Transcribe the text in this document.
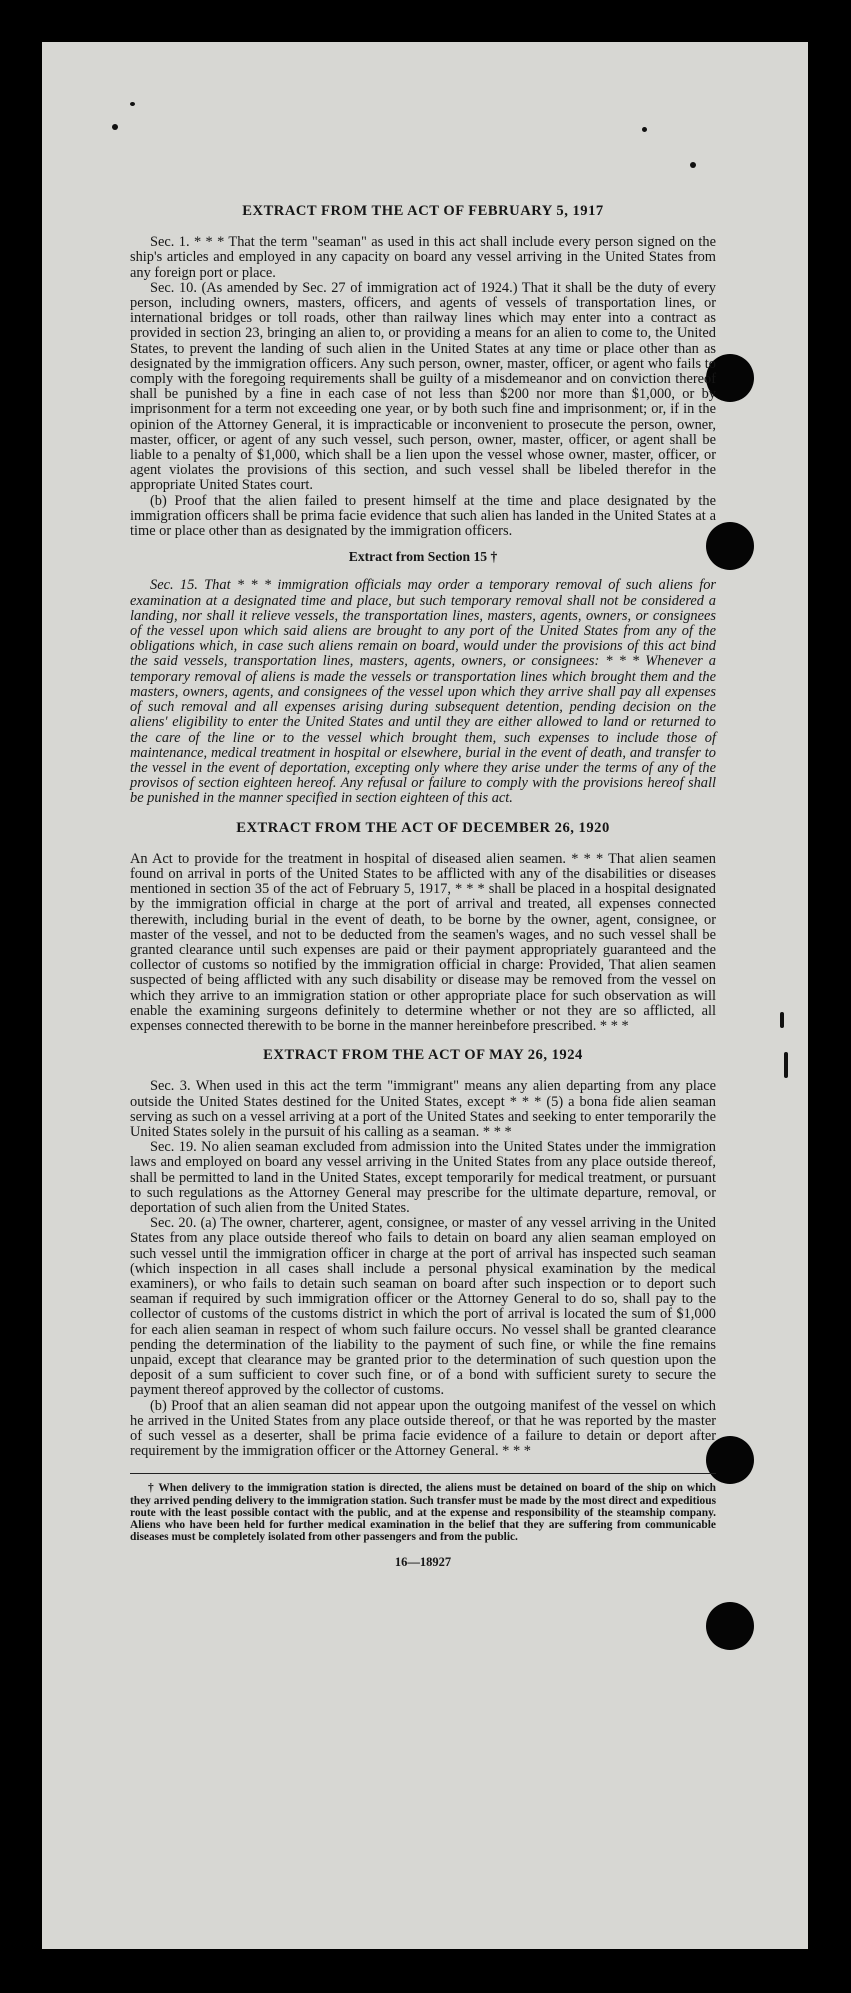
EXTRACT FROM THE ACT OF FEBRUARY 5, 1917

Sec. 1. * * * That the term "seaman" as used in this act shall include every person signed on the ship's articles and employed in any capacity on board any vessel arriving in the United States from any foreign port or place.

Sec. 10. (As amended by Sec. 27 of immigration act of 1924.) That it shall be the duty of every person, including owners, masters, officers, and agents of vessels of transportation lines, or international bridges or toll roads, other than railway lines which may enter into a contract as provided in section 23, bringing an alien to, or providing a means for an alien to come to, the United States, to prevent the landing of such alien in the United States at any time or place other than as designated by the immigration officers. Any such person, owner, master, officer, or agent who fails to comply with the foregoing requirements shall be guilty of a misdemeanor and on conviction thereof shall be punished by a fine in each case of not less than $200 nor more than $1,000, or by imprisonment for a term not exceeding one year, or by both such fine and imprisonment; or, if in the opinion of the Attorney General, it is impracticable or inconvenient to prosecute the person, owner, master, officer, or agent of any such vessel, such person, owner, master, officer, or agent shall be liable to a penalty of $1,000, which shall be a lien upon the vessel whose owner, master, officer, or agent violates the provisions of this section, and such vessel shall be libeled therefor in the appropriate United States court.

(b) Proof that the alien failed to present himself at the time and place designated by the immigration officers shall be prima facie evidence that such alien has landed in the United States at a time or place other than as designated by the immigration officers.

Extract from Section 15 †

Sec. 15. That * * * immigration officials may order a temporary removal of such aliens for examination at a designated time and place, but such temporary removal shall not be considered a landing, nor shall it relieve vessels, the transportation lines, masters, agents, owners, or consignees of the vessel upon which said aliens are brought to any port of the United States from any of the obligations which, in case such aliens remain on board, would under the provisions of this act bind the said vessels, transportation lines, masters, agents, owners, or consignees: * * * Whenever a temporary removal of aliens is made the vessels or transportation lines which brought them and the masters, owners, agents, and consignees of the vessel upon which they arrive shall pay all expenses of such removal and all expenses arising during subsequent detention, pending decision on the aliens' eligibility to enter the United States and until they are either allowed to land or returned to the care of the line or to the vessel which brought them, such expenses to include those of maintenance, medical treatment in hospital or elsewhere, burial in the event of death, and transfer to the vessel in the event of deportation, excepting only where they arise under the terms of any of the provisos of section eighteen hereof. Any refusal or failure to comply with the provisions hereof shall be punished in the manner specified in section eighteen of this act.

EXTRACT FROM THE ACT OF DECEMBER 26, 1920

An Act to provide for the treatment in hospital of diseased alien seamen. * * * That alien seamen found on arrival in ports of the United States to be afflicted with any of the disabilities or diseases mentioned in section 35 of the act of February 5, 1917, * * * shall be placed in a hospital designated by the immigration official in charge at the port of arrival and treated, all expenses connected therewith, including burial in the event of death, to be borne by the owner, agent, consignee, or master of the vessel, and not to be deducted from the seamen's wages, and no such vessel shall be granted clearance until such expenses are paid or their payment appropriately guaranteed and the collector of customs so notified by the immigration official in charge: Provided, That alien seamen suspected of being afflicted with any such disability or disease may be removed from the vessel on which they arrive to an immigration station or other appropriate place for such observation as will enable the examining surgeons definitely to determine whether or not they are so afflicted, all expenses connected therewith to be borne in the manner hereinbefore prescribed. * * *

EXTRACT FROM THE ACT OF MAY 26, 1924

Sec. 3. When used in this act the term "immigrant" means any alien departing from any place outside the United States destined for the United States, except * * * (5) a bona fide alien seaman serving as such on a vessel arriving at a port of the United States and seeking to enter temporarily the United States solely in the pursuit of his calling as a seaman. * * *

Sec. 19. No alien seaman excluded from admission into the United States under the immigration laws and employed on board any vessel arriving in the United States from any place outside thereof, shall be permitted to land in the United States, except temporarily for medical treatment, or pursuant to such regulations as the Attorney General may prescribe for the ultimate departure, removal, or deportation of such alien from the United States.

Sec. 20. (a) The owner, charterer, agent, consignee, or master of any vessel arriving in the United States from any place outside thereof who fails to detain on board any alien seaman employed on such vessel until the immigration officer in charge at the port of arrival has inspected such seaman (which inspection in all cases shall include a personal physical examination by the medical examiners), or who fails to detain such seaman on board after such inspection or to deport such seaman if required by such immigration officer or the Attorney General to do so, shall pay to the collector of customs of the customs district in which the port of arrival is located the sum of $1,000 for each alien seaman in respect of whom such failure occurs. No vessel shall be granted clearance pending the determination of the liability to the payment of such fine, or while the fine remains unpaid, except that clearance may be granted prior to the determination of such question upon the deposit of a sum sufficient to cover such fine, or of a bond with sufficient surety to secure the payment thereof approved by the collector of customs.

(b) Proof that an alien seaman did not appear upon the outgoing manifest of the vessel on which he arrived in the United States from any place outside thereof, or that he was reported by the master of such vessel as a deserter, shall be prima facie evidence of a failure to detain or deport after requirement by the immigration officer or the Attorney General. * * *

† When delivery to the immigration station is directed, the aliens must be detained on board of the ship on which they arrived pending delivery to the immigration station. Such transfer must be made by the most direct and expeditious route with the least possible contact with the public, and at the expense and responsibility of the steamship company. Aliens who have been held for further medical examination in the belief that they are suffering from communicable diseases must be completely isolated from other passengers and from the public.

16—18927
